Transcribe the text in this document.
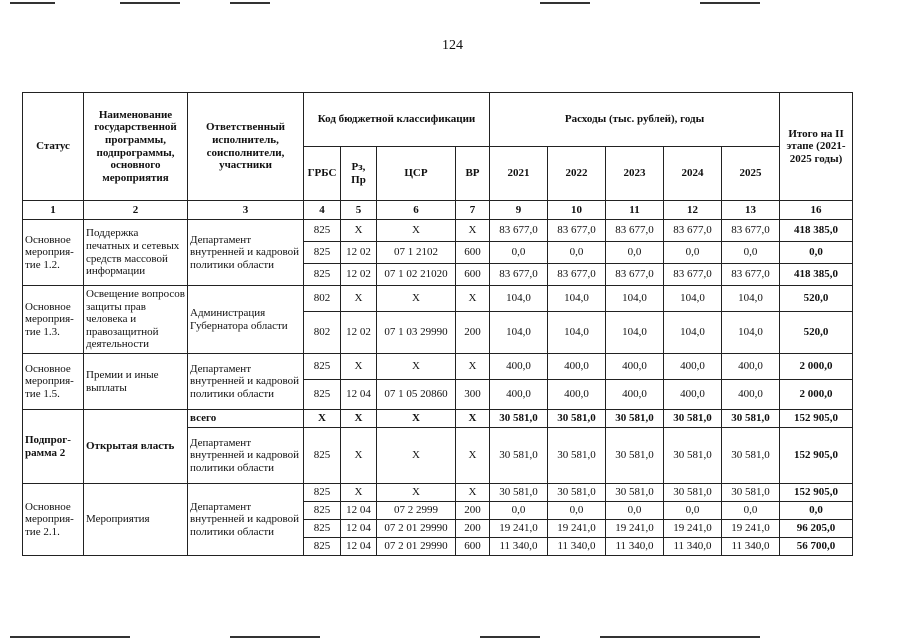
124
Статус	Наименование государственной программы, подпрограммы, основного мероприятия	Ответственный исполнитель, соисполнители, участники	Код бюджетной классификации				Расходы (тыс. рублей), годы					Итого на II этапе (2021-2025 годы)
			ГРБС	Рз, Пр	ЦСР	ВР	2021	2022	2023	2024	2025	
1	2	3	4	5	6	7	9	10	11	12	13	16
Основное мероприя-тие 1.2.	Поддержка печатных и сетевых средств массовой информации	Департамент внутренней и кадровой политики области	825	X	X	X	83 677,0	83 677,0	83 677,0	83 677,0	83 677,0	418 385,0
			825	12 02	07 1 2102	600	0,0	0,0	0,0	0,0	0,0	0,0
			825	12 02	07 1 02 21020	600	83 677,0	83 677,0	83 677,0	83 677,0	83 677,0	418 385,0
Основное мероприя-тие 1.3.	Освещение вопросов защиты прав человека и правозащитной деятельности	Администрация Губернатора области	802	X	X	X	104,0	104,0	104,0	104,0	104,0	520,0
			802	12 02	07 1 03 29990	200	104,0	104,0	104,0	104,0	104,0	520,0
Основное мероприя-тие 1.5.	Премии и иные выплаты	Департамент внутренней и кадровой политики области	825	X	X	X	400,0	400,0	400,0	400,0	400,0	2 000,0
			825	12 04	07 1 05 20860	300	400,0	400,0	400,0	400,0	400,0	2 000,0
Подпрог-рамма 2	Открытая власть	всего	X	X	X	X	30 581,0	30 581,0	30 581,0	30 581,0	30 581,0	152 905,0
		Департамент внутренней и кадровой политики области	825	X	X	X	30 581,0	30 581,0	30 581,0	30 581,0	30 581,0	152 905,0
Основное мероприя-тие 2.1.	Мероприятия	Департамент внутренней и кадровой политики области	825	X	X	X	30 581,0	30 581,0	30 581,0	30 581,0	30 581,0	152 905,0
			825	12 04	07 2 2999	200	0,0	0,0	0,0	0,0	0,0	0,0
			825	12 04	07 2 01 29990	200	19 241,0	19 241,0	19 241,0	19 241,0	19 241,0	96 205,0
			825	12 04	07 2 01 29990	600	11 340,0	11 340,0	11 340,0	11 340,0	11 340,0	56 700,0
